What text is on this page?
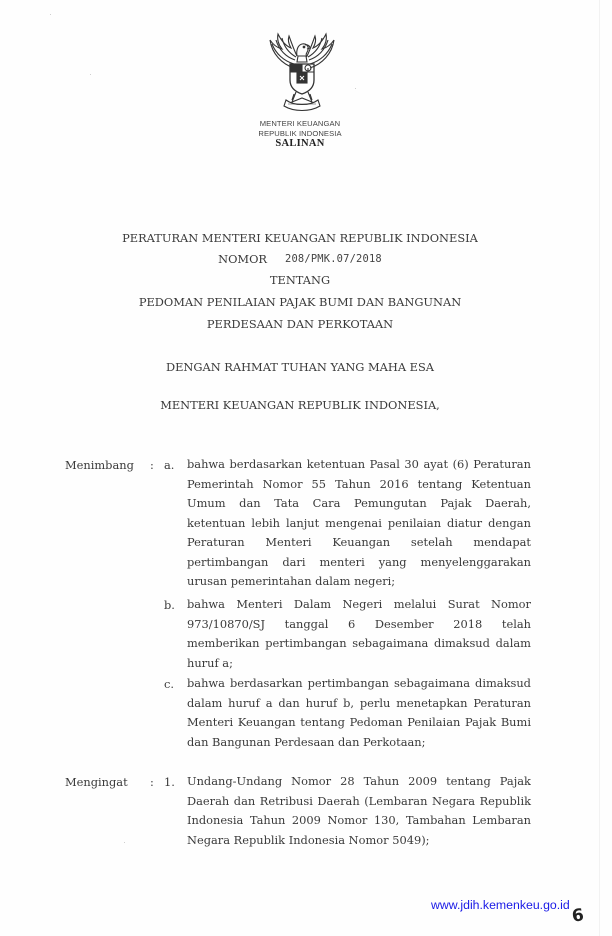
MENTERI KEUANGAN
REPUBLIK INDONESIA
SALINAN
PERATURAN MENTERI KEUANGAN REPUBLIK INDONESIA
NOMOR 208/PMK.07/2018
TENTANG
PEDOMAN PENILAIAN PAJAK BUMI DAN BANGUNAN
PERDESAAN DAN PERKOTAAN
DENGAN RAHMAT TUHAN YANG MAHA ESA
MENTERI KEUANGAN REPUBLIK INDONESIA,
Menimbang : a. bahwa berdasarkan ketentuan Pasal 30 ayat (6) Peraturan
Pemerintah Nomor 55 Tahun 2016 tentang Ketentuan
Umum dan Tata Cara Pemungutan Pajak Daerah,
ketentuan lebih lanjut mengenai penilaian diatur dengan
Peraturan Menteri Keuangan setelah mendapat
pertimbangan dari menteri yang menyelenggarakan
urusan pemerintahan dalam negeri;
b. bahwa Menteri Dalam Negeri melalui Surat Nomor
973/10870/SJ tanggal 6 Desember 2018 telah
memberikan pertimbangan sebagaimana dimaksud dalam
huruf a;
c. bahwa berdasarkan pertimbangan sebagaimana dimaksud
dalam huruf a dan huruf b, perlu menetapkan Peraturan
Menteri Keuangan tentang Pedoman Penilaian Pajak Bumi
dan Bangunan Perdesaan dan Perkotaan;
Mengingat : 1. Undang-Undang Nomor 28 Tahun 2009 tentang Pajak
Daerah dan Retribusi Daerah (Lembaran Negara Republik
Indonesia Tahun 2009 Nomor 130, Tambahan Lembaran
Negara Republik Indonesia Nomor 5049);
www.jdih.kemenkeu.go.id
6
